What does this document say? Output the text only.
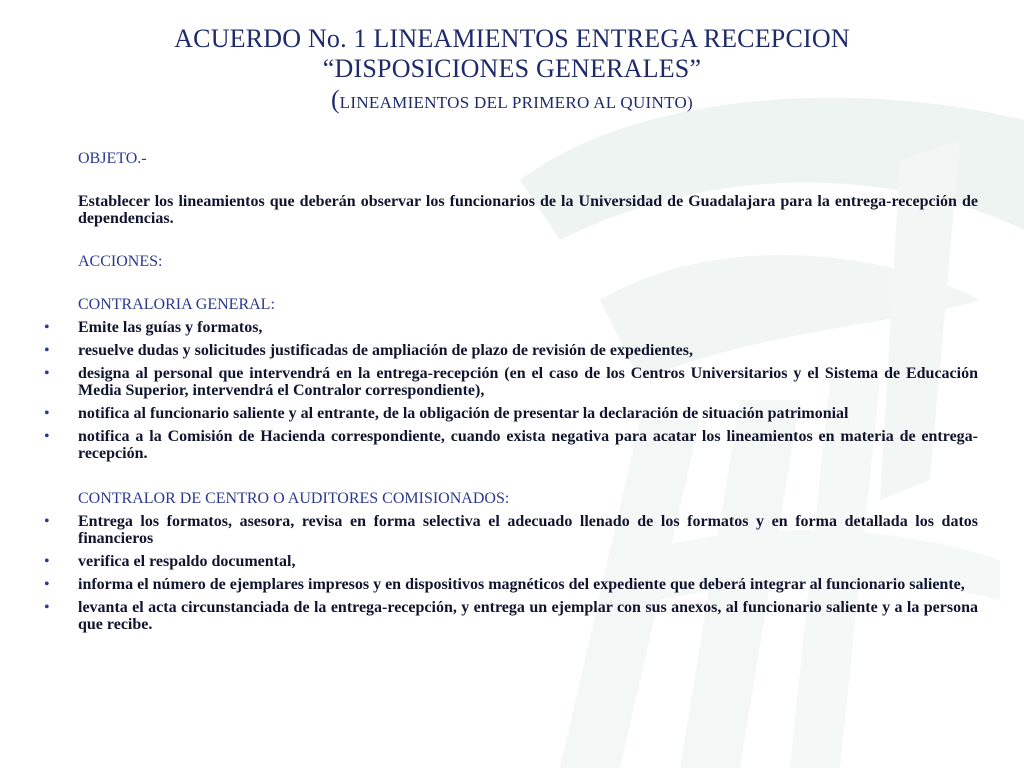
ACUERDO No. 1 LINEAMIENTOS ENTREGA RECEPCION
“DISPOSICIONES GENERALES”
(LINEAMIENTOS DEL PRIMERO AL QUINTO)
OBJETO.-
Establecer los lineamientos que deberán observar los funcionarios de la Universidad de Guadalajara para la entrega-recepción de dependencias.
ACCIONES:
CONTRALORIA GENERAL:
• Emite las guías y formatos,
• resuelve dudas y solicitudes justificadas de ampliación de plazo de revisión de expedientes,
• designa al personal que intervendrá en la entrega-recepción (en el caso de los Centros Universitarios y el Sistema de Educación Media Superior, intervendrá el Contralor correspondiente),
• notifica al funcionario saliente y al entrante, de la obligación de presentar la declaración de situación patrimonial
• notifica a la Comisión de Hacienda correspondiente, cuando exista negativa para acatar los lineamientos en materia de entrega-recepción.
CONTRALOR DE CENTRO O AUDITORES COMISIONADOS:
• Entrega los formatos, asesora, revisa en forma selectiva el adecuado llenado de los formatos y en forma detallada los datos financieros
• verifica el respaldo documental,
• informa el número de ejemplares impresos y en dispositivos magnéticos del expediente que deberá integrar al funcionario saliente,
• levanta el acta circunstanciada de la entrega-recepción, y entrega un ejemplar con sus anexos, al funcionario saliente y a la persona que recibe.
